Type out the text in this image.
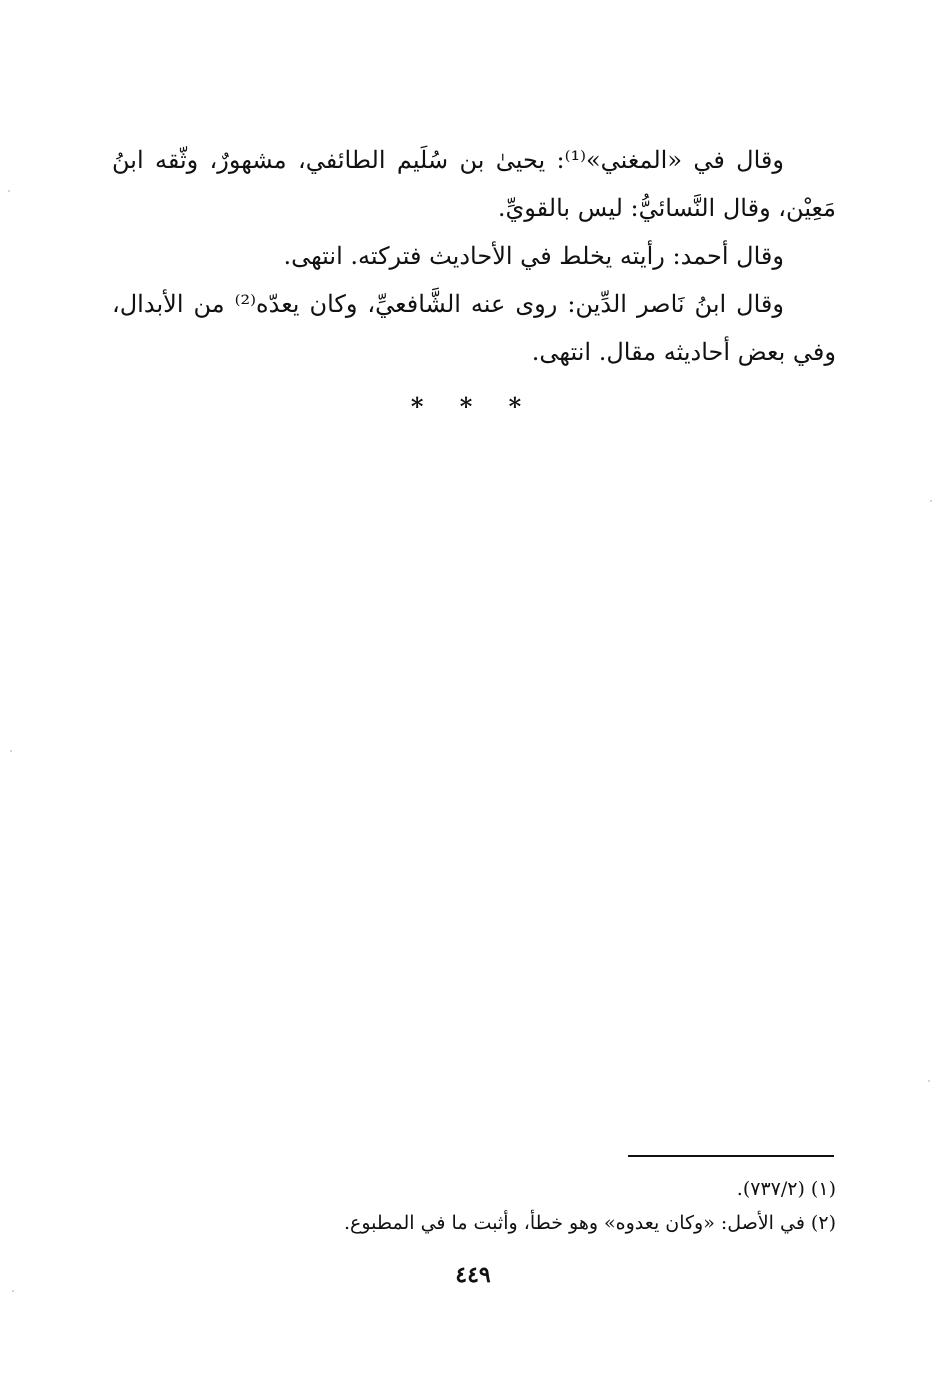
وقال في «المغني»⁽¹⁾: يحيىٰ بن سُلَيم الطائفي، مشهورٌ، وثّقه ابنُ مَعِيْن، وقال النَّسائيُّ: ليس بالقويِّ.

وقال أحمد: رأيته يخلط في الأحاديث فتركته. انتهى.

وقال ابنُ نَاصر الدِّين: روى عنه الشَّافعيِّ، وكان يعدّه⁽²⁾ من الأبدال، وفي بعض أحاديثه مقال. انتهى.

* * *

(١) (٧٣٧/٢).

(٢) في الأصل: «وكان يعدوه» وهو خطأ، وأثبت ما في المطبوع.

٤٤٩
